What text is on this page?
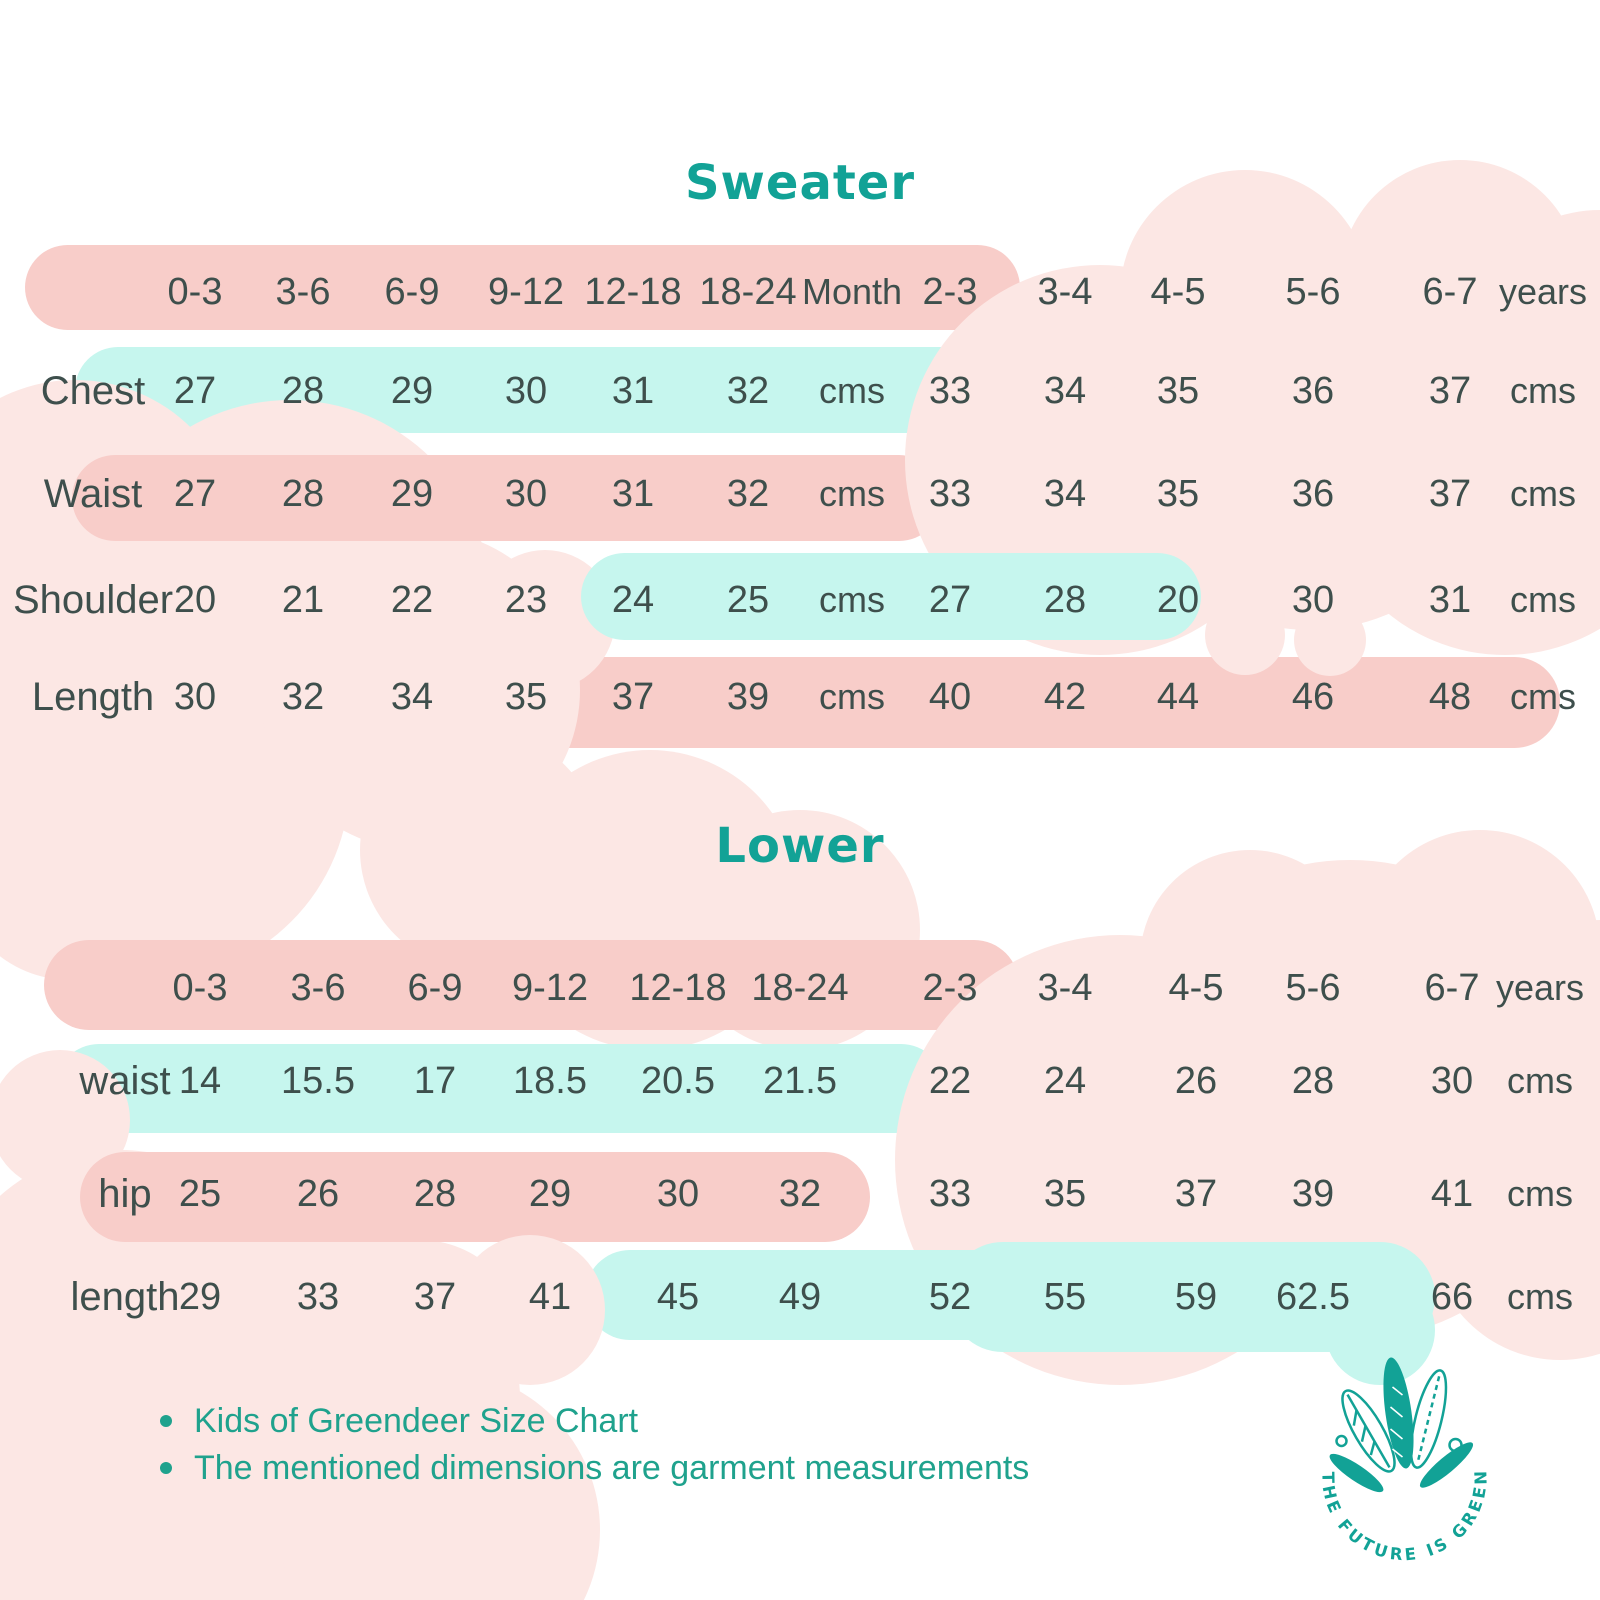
Sweater
Lower
0-3	3-6	6-9	9-12 12-18 18-24 Month 2-3	3-4	4-5	5-6	6-7 years
Chest 27	28	29	30	31	32	cms	33	34	35	36	37	cms
Waist 27	28	29	30	31	32	cms	33	34	35	36	37	cms
Shoulder 20	21	22	23	24	25	cms	27	28	20	30	31	cms
Length 30	32	34	35	37	39	cms	40	42	44	46	48	cms
0-3	3-6	6-9	9-12	12-18 18-24	2-3	3-4	4-5	5-6	6-7 years
waist 14	15.5	17	18.5	20.5	21.5	22	24	26	28	30 cms
hip 25	26	28	29	30	32	33	35	37	39	41 cms
length 29	33	37	41	45	49	52	55	59	62.5	66 cms
Kids of Greendeer Size Chart
The mentioned dimensions are garment measurements	THE FUTURE IS GREEN
